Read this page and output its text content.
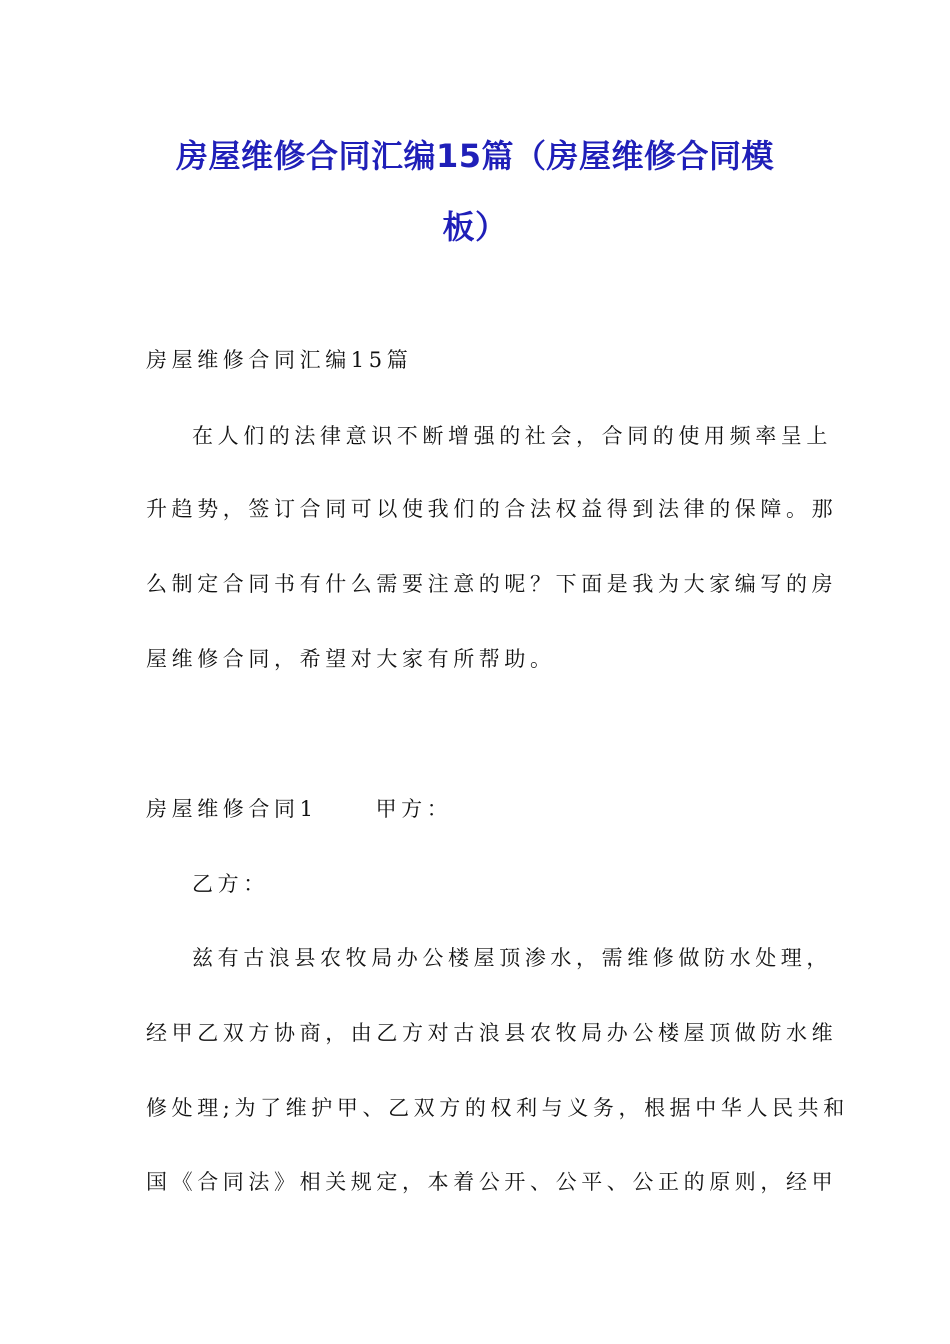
房屋维修合同汇编15篇（房屋维修合同模
板）

房屋维修合同汇编15篇

在人们的法律意识不断增强的社会，合同的使用频率呈上

升趋势，签订合同可以使我们的合法权益得到法律的保障。那

么制定合同书有什么需要注意的呢？下面是我为大家编写的房

屋维修合同，希望对大家有所帮助。

房屋维修合同1	甲方：

乙方：

兹有古浪县农牧局办公楼屋顶渗水，需维修做防水处理，

经甲乙双方协商，由乙方对古浪县农牧局办公楼屋顶做防水维

修处理;为了维护甲、乙双方的权利与义务，根据中华人民共和

国《合同法》相关规定，本着公开、公平、公正的原则，经甲
